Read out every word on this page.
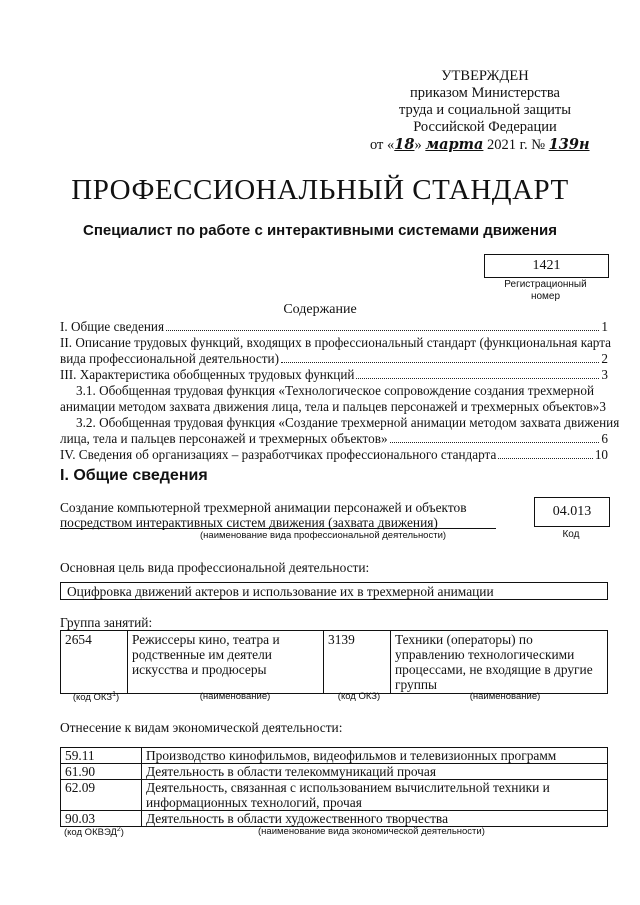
УТВЕРЖДЕН
приказом Министерства
труда и социальной защиты
Российской Федерации
от «18» марта 2021 г. № 139н
ПРОФЕССИОНАЛЬНЫЙ СТАНДАРТ
Специалист по работе с интерактивными системами движения
1421
Регистрационный
номер
Содержание
I. Общие сведения	1
II. Описание трудовых функций, входящих в профессиональный стандарт (функциональная карта
вида профессиональной деятельности)	2
III. Характеристика обобщенных трудовых функций	3
3.1. Обобщенная трудовая функция «Технологическое сопровождение создания трехмерной
анимации методом захвата движения лица, тела и пальцев персонажей и трехмерных объектов» 3
3.2. Обобщенная трудовая функция «Создание трехмерной анимации методом захвата движения
лица, тела и пальцев персонажей и трехмерных объектов»	6
IV. Сведения об организациях – разработчиках профессионального стандарта	10
I. Общие сведения
Создание компьютерной трехмерной анимации персонажей и объектов
посредством интерактивных систем движения (захвата движения)
(наименование вида профессиональной деятельности)
04.013
Код
Основная цель вида профессиональной деятельности:
Оцифровка движений актеров и использование их в трехмерной анимации
Группа занятий:
2654	Режиссеры кино, театра и родственные им деятели искусства и продюсеры	3139	Техники (операторы) по управлению технологическими процессами, не входящие в другие группы
(код ОКЗ$^1$)	(наименование)	(код ОКЗ)	(наименование)
Отнесение к видам экономической деятельности:
59.11	Производство кинофильмов, видеофильмов и телевизионных программ
61.90	Деятельность в области телекоммуникаций прочая
62.09	Деятельность, связанная с использованием вычислительной техники и информационных технологий, прочая
90.03	Деятельность в области художественного творчества
(код ОКВЭД$^2$)	(наименование вида экономической деятельности)
